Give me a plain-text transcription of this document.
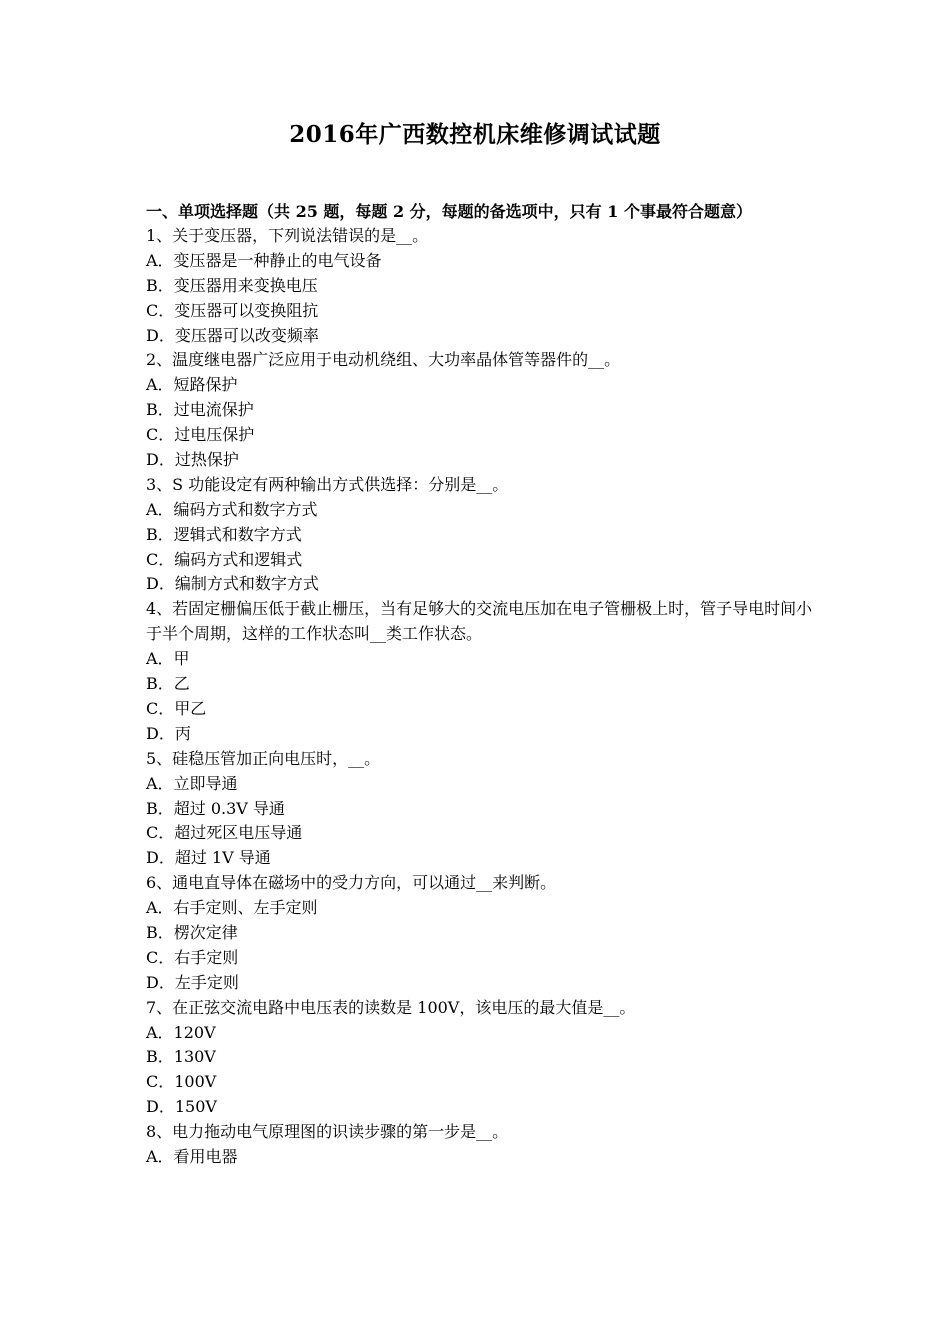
2016年广西数控机床维修调试试题
一、单项选择题（共 25 题，每题 2 分，每题的备选项中，只有 1 个事最符合题意）
1、关于变压器，下列说法错误的是__。
A．变压器是一种静止的电气设备
B．变压器用来变换电压
C．变压器可以变换阻抗
D．变压器可以改变频率
2、温度继电器广泛应用于电动机绕组、大功率晶体管等器件的__。
A．短路保护
B．过电流保护
C．过电压保护
D．过热保护
3、S 功能设定有两种输出方式供选择：分别是__。
A．编码方式和数字方式
B．逻辑式和数字方式
C．编码方式和逻辑式
D．编制方式和数字方式
4、若固定栅偏压低于截止栅压，当有足够大的交流电压加在电子管栅极上时，管子导电时间小于半个周期，这样的工作状态叫__类工作状态。
A．甲
B．乙
C．甲乙
D．丙
5、硅稳压管加正向电压时，__。
A．立即导通
B．超过 0.3V 导通
C．超过死区电压导通
D．超过 1V 导通
6、通电直导体在磁场中的受力方向，可以通过__来判断。
A．右手定则、左手定则
B．楞次定律
C．右手定则
D．左手定则
7、在正弦交流电路中电压表的读数是 100V，该电压的最大值是__。
A．120V
B．130V
C．100V
D．150V
8、电力拖动电气原理图的识读步骤的第一步是__。
A．看用电器
